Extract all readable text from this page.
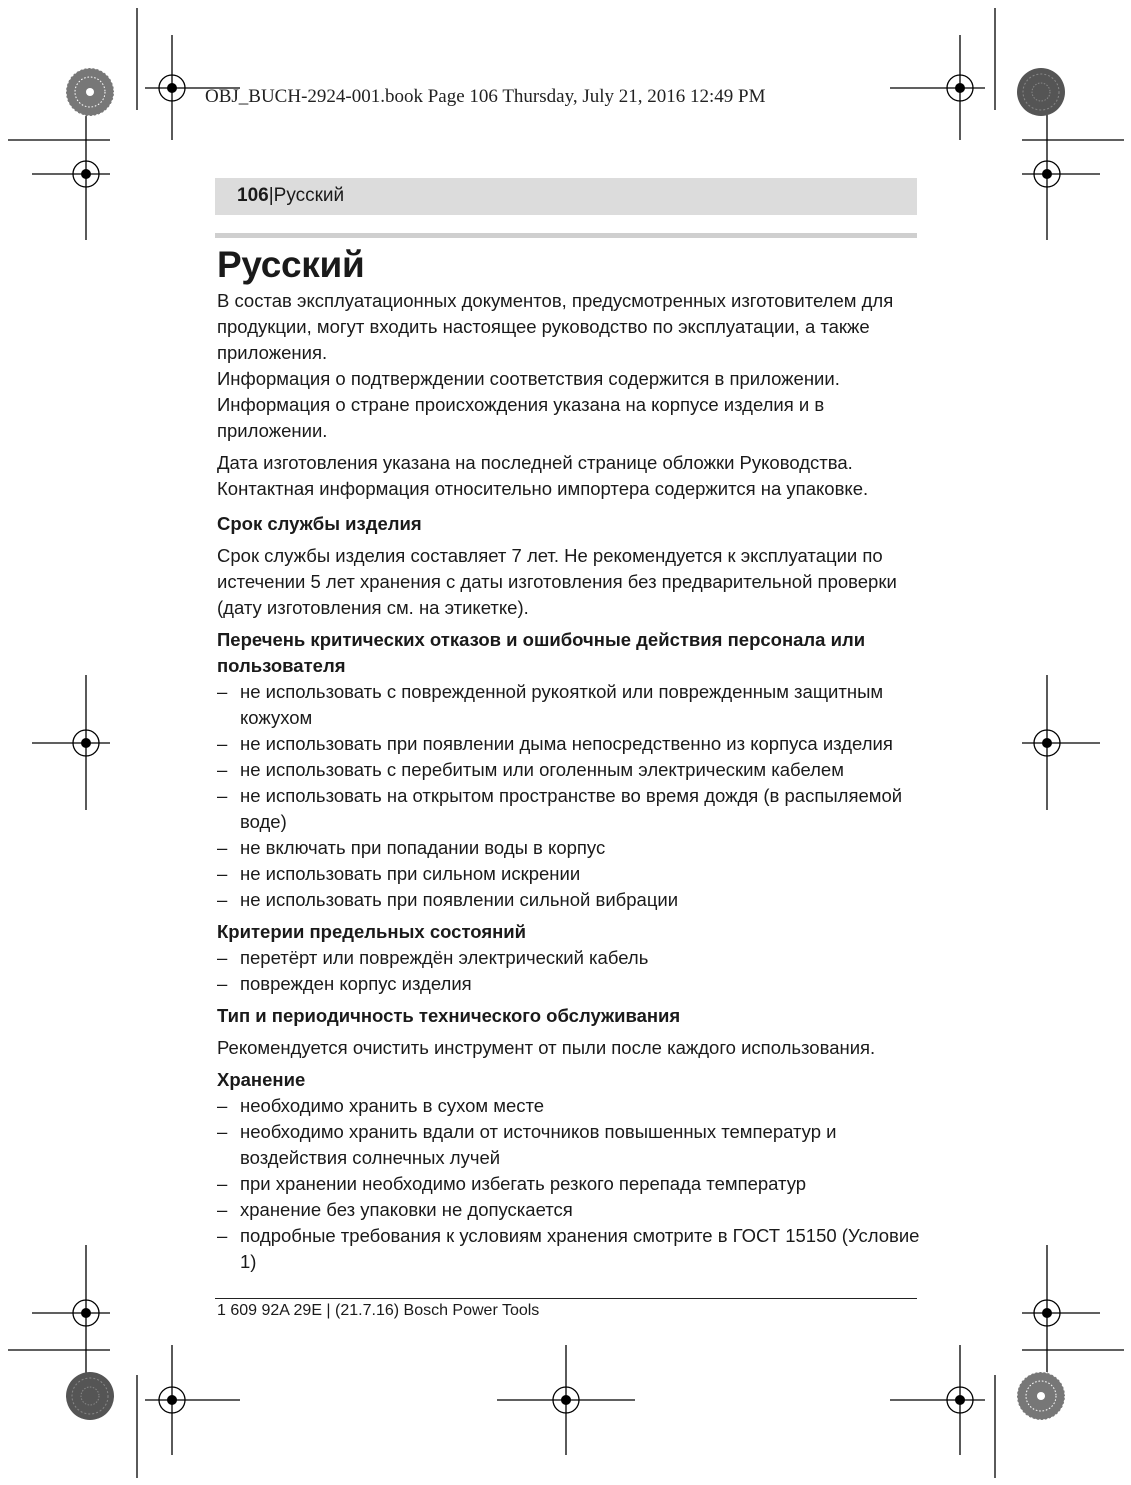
OBJ_BUCH-2924-001.book Page 106 Thursday, July 21, 2016 12:49 PM
106|Русский
Русский

В состав эксплуатационных документов, предусмотренных изготовителем для продукции, могут входить настоящее руководство по эксплуатации, а также приложения.

Информация о подтверждении соответствия содержится в приложении.

Информация о стране происхождения указана на корпусе изделия и в приложении.

Дата изготовления указана на последней странице обложки Руководства.

Контактная информация относительно импортера содержится на упаковке.

Срок службы изделия

Срок службы изделия составляет 7 лет. Не рекомендуется к эксплуатации по истечении 5 лет хранения с даты изготовления без предварительной проверки (дату изготовления см. на этикетке).

Перечень критических отказов и ошибочные действия персонала или пользователя
– не использовать с поврежденной рукояткой или поврежденным защитным кожухом
– не использовать при появлении дыма непосредственно из корпуса изделия
– не использовать с перебитым или оголенным электрическим кабелем
– не использовать на открытом пространстве во время дождя (в распыляемой воде)
– не включать при попадании воды в корпус
– не использовать при сильном искрении
– не использовать при появлении сильной вибрации
Критерии предельных состояний
– перетёрт или повреждён электрический кабель
– поврежден корпус изделия
Тип и периодичность технического обслуживания

Рекомендуется очистить инструмент от пыли после каждого использования.

Хранение
– необходимо хранить в сухом месте
– необходимо хранить вдали от источников повышенных температур и воздействия солнечных лучей
– при хранении необходимо избегать резкого перепада температур
– хранение без упаковки не допускается
– подробные требования к условиям хранения смотрите в ГОСТ 15150 (Условие 1)
1 609 92A 29E | (21.7.16) Bosch Power Tools
